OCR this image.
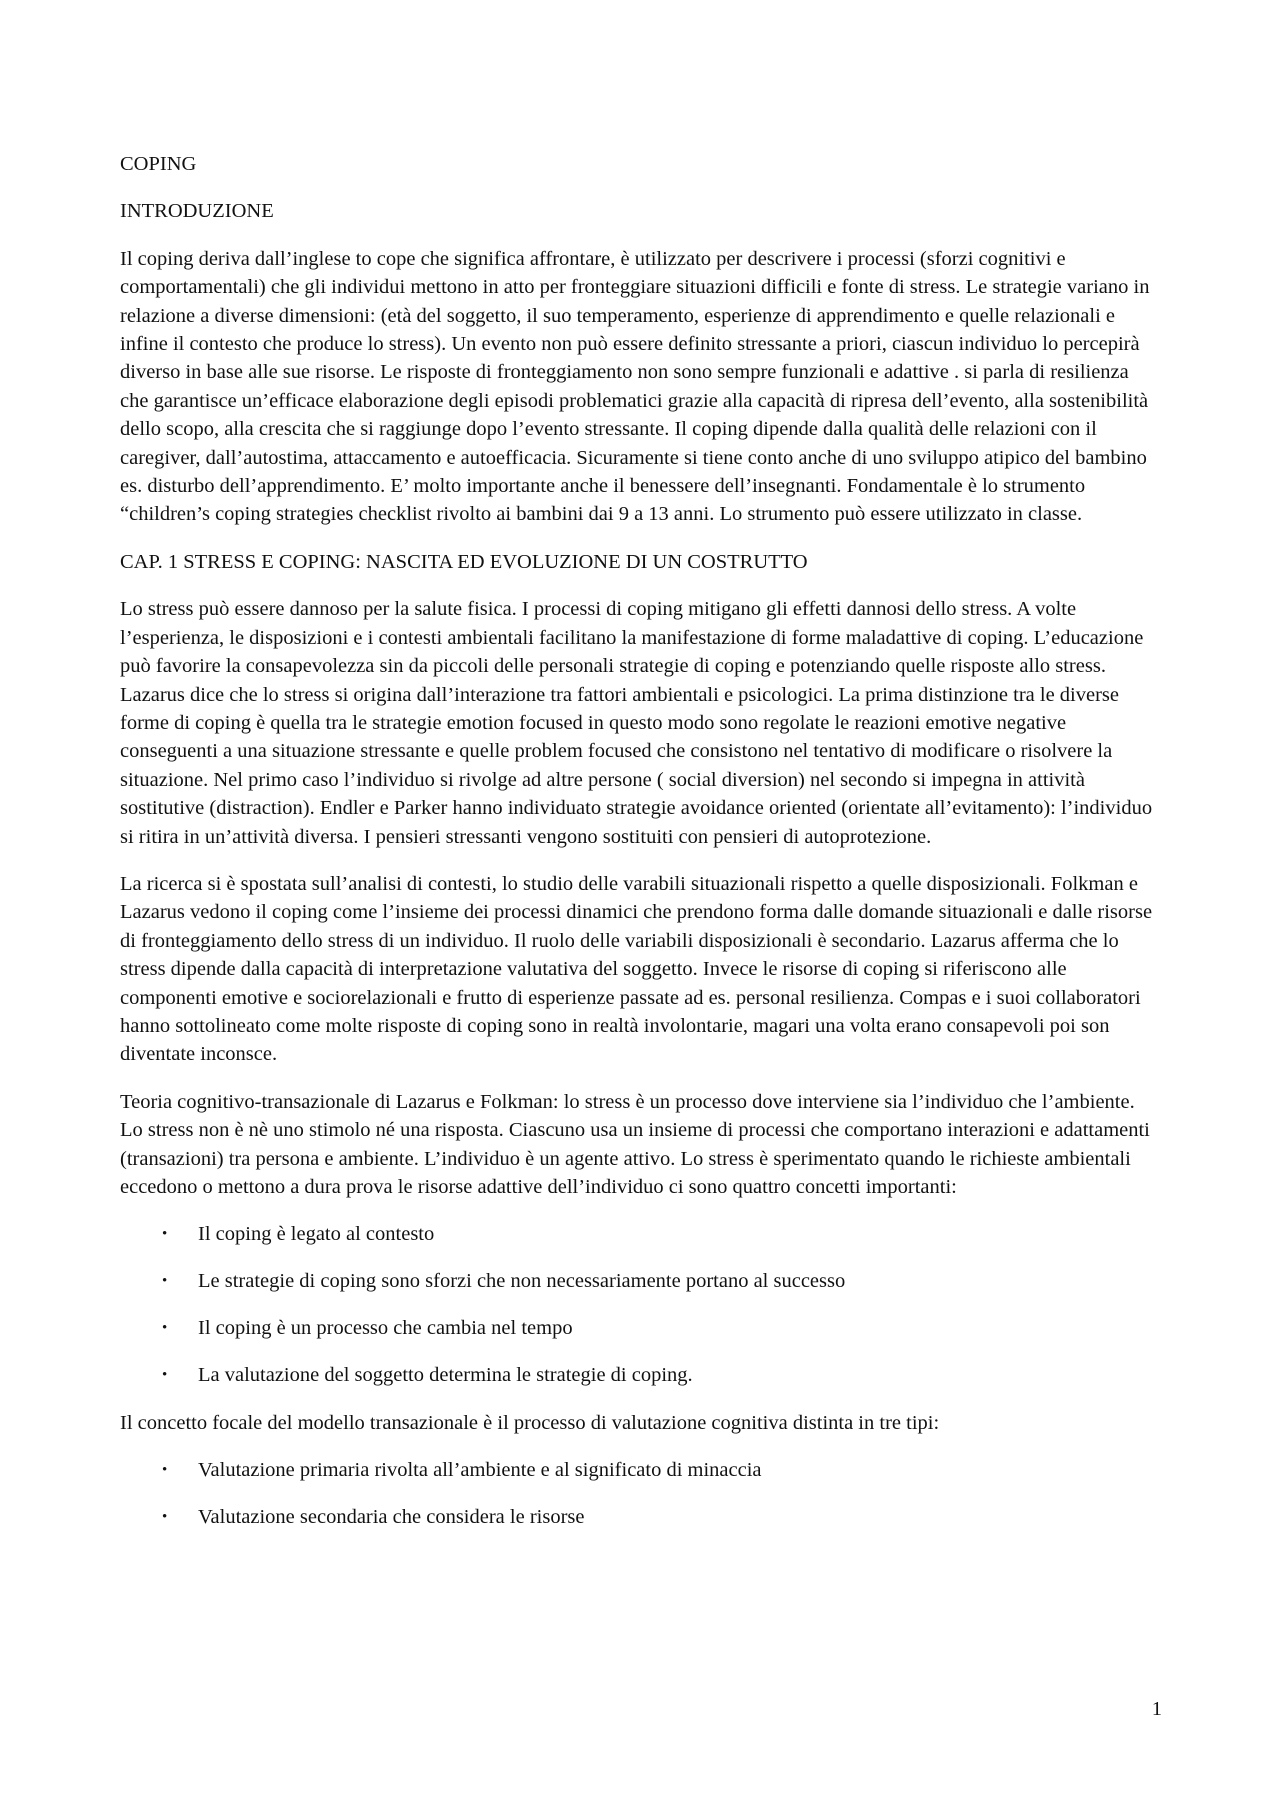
COPING

INTRODUZIONE

Il coping deriva dall’inglese to cope che significa affrontare, è utilizzato per descrivere i processi (sforzi cognitivi e comportamentali) che gli individui mettono in atto per fronteggiare situazioni difficili e fonte di stress. Le strategie variano in relazione a diverse dimensioni: (età del soggetto, il suo temperamento, esperienze di apprendimento e quelle relazionali e infine il contesto che produce lo stress). Un evento non può essere definito stressante a priori, ciascun individuo lo percepirà diverso in base alle sue risorse. Le risposte di fronteggiamento non sono sempre funzionali e adattive . si parla di resilienza che garantisce un’efficace elaborazione degli episodi problematici grazie alla capacità di ripresa dell’evento, alla sostenibilità dello scopo, alla crescita che si raggiunge dopo l’evento stressante. Il coping dipende dalla qualità delle relazioni con il caregiver, dall’autostima, attaccamento e autoefficacia. Sicuramente si tiene conto anche di uno sviluppo atipico del bambino es. disturbo dell’apprendimento. E’ molto importante anche il benessere dell’insegnanti. Fondamentale è lo strumento “children’s coping strategies checklist rivolto ai bambini dai 9 a 13 anni. Lo strumento può essere utilizzato in classe.

CAP. 1 STRESS E COPING: NASCITA ED EVOLUZIONE DI UN COSTRUTTO

Lo stress può essere dannoso per la salute fisica. I processi di coping mitigano gli effetti dannosi dello stress. A volte l’esperienza, le disposizioni e i contesti ambientali facilitano la manifestazione di forme maladattive di coping. L’educazione può favorire la consapevolezza sin da piccoli delle personali strategie di coping e potenziando quelle risposte allo stress. Lazarus dice che lo stress si origina dall’interazione tra fattori ambientali e psicologici. La prima distinzione tra le diverse forme di coping è quella tra le strategie emotion focused in questo modo sono regolate le reazioni emotive negative conseguenti a una situazione stressante e quelle problem focused che consistono nel tentativo di modificare o risolvere la situazione. Nel primo caso l’individuo si rivolge ad altre persone ( social diversion) nel secondo si impegna in attività sostitutive (distraction). Endler e Parker hanno individuato strategie avoidance oriented (orientate all’evitamento): l’individuo si ritira in un’attività diversa. I pensieri stressanti vengono sostituiti con pensieri di autoprotezione.

La ricerca si è spostata sull’analisi di contesti, lo studio delle varabili situazionali rispetto a quelle disposizionali. Folkman e Lazarus vedono il coping come l’insieme dei processi dinamici che prendono forma dalle domande situazionali e dalle risorse di fronteggiamento dello stress di un individuo. Il ruolo delle variabili disposizionali è secondario. Lazarus afferma che lo stress dipende dalla capacità di interpretazione valutativa del soggetto. Invece le risorse di coping si riferiscono alle componenti emotive e sociorelazionali e frutto di esperienze passate ad es. personal resilienza. Compas e i suoi collaboratori hanno sottolineato come molte risposte di coping sono in realtà involontarie, magari una volta erano consapevoli poi son diventate inconsce.

Teoria cognitivo-transazionale di Lazarus e Folkman: lo stress è un processo dove interviene sia l’individuo che l’ambiente. Lo stress non è nè uno stimolo né una risposta. Ciascuno usa un insieme di processi che comportano interazioni e adattamenti (transazioni) tra persona e ambiente. L’individuo è un agente attivo. Lo stress è sperimentato quando le richieste ambientali eccedono o mettono a dura prova le risorse adattive dell’individuo ci sono quattro concetti importanti:

• Il coping è legato al contesto
• Le strategie di coping sono sforzi che non necessariamente portano al successo
• Il coping è un processo che cambia nel tempo
• La valutazione del soggetto determina le strategie di coping.

Il concetto focale del modello transazionale è il processo di valutazione cognitiva distinta in tre tipi:

• Valutazione primaria rivolta all’ambiente e al significato di minaccia
• Valutazione secondaria che considera le risorse
1
